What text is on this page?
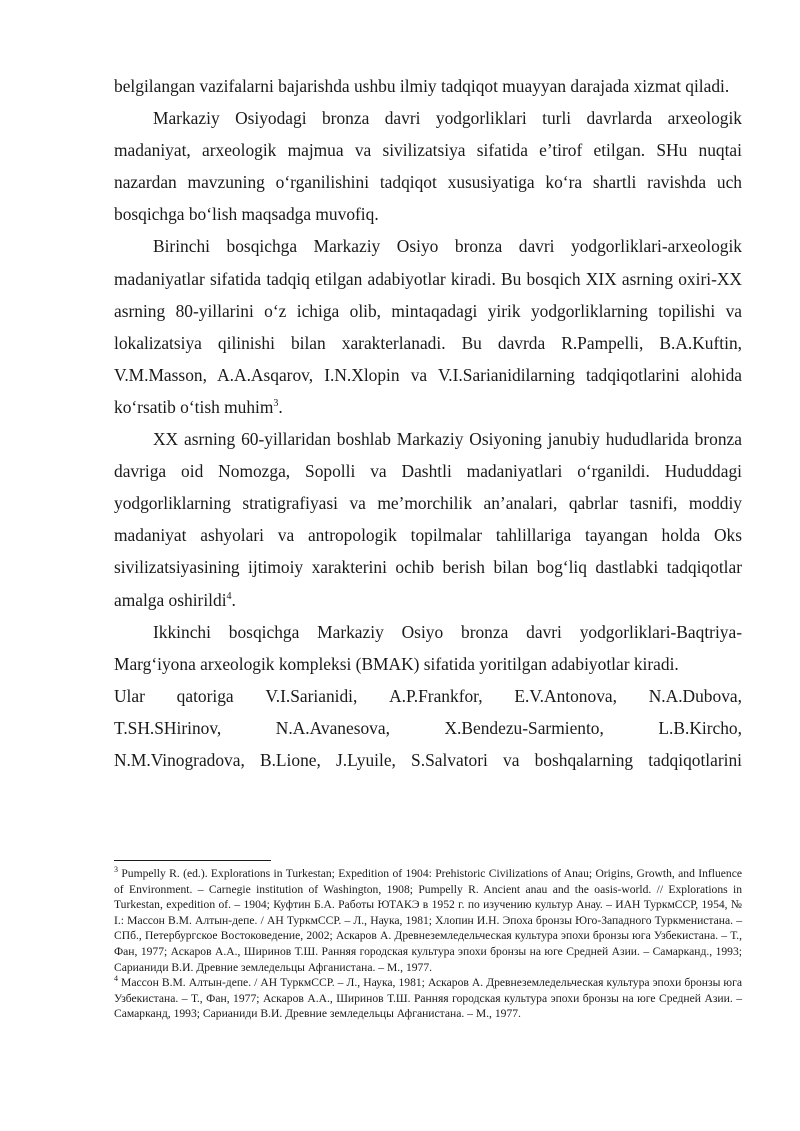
belgilangan vazifalarni bajarishda ushbu ilmiy tadqiqot muayyan darajada xizmat qiladi.

Markaziy Osiyodagi bronza davri yodgorliklari turli davrlarda arxeologik madaniyat, arxeologik majmua va sivilizatsiya sifatida e’tirof etilgan. SHu nuqtai nazardan mavzuning o‘rganilishini tadqiqot xususiyatiga ko‘ra shartli ravishda uch bosqichga bo‘lish maqsadga muvofiq.

Birinchi bosqichga Markaziy Osiyo bronza davri yodgorliklari-arxeologik madaniyatlar sifatida tadqiq etilgan adabiyotlar kiradi. Bu bosqich XIX asrning oxiri-XX asrning 80-yillarini o‘z ichiga olib, mintaqadagi yirik yodgorliklarning topilishi va lokalizatsiya qilinishi bilan xarakterlanadi. Bu davrda R.Pampelli, B.A.Kuftin, V.M.Masson, A.A.Asqarov, I.N.Xlopin va V.I.Sarianidilarning tadqiqotlarini alohida ko‘rsatib o‘tish muhim$^3$.

XX asrning 60-yillaridan boshlab Markaziy Osiyoning janubiy hududlarida bronza davriga oid Nomozga, Sopolli va Dashtli madaniyatlari o‘rganildi. Hududdagi yodgorliklarning stratigrafiyasi va me’morchilik an’analari, qabrlar tasnifi, moddiy madaniyat ashyolari va antropologik topilmalar tahlillariga tayangan holda Oks sivilizatsiyasining ijtimoiy xarakterini ochib berish bilan bog‘liq dastlabki tadqiqotlar amalga oshirildi$^4$.

Ikkinchi bosqichga Markaziy Osiyo bronza davri yodgorliklari-Baqtriya-Marg‘iyona arxeologik kompleksi (BMAK) sifatida yoritilgan adabiyotlar kiradi.

Ular qatoriga V.I.Sarianidi, A.P.Frankfor, E.V.Antonova, N.A.Dubova,
T.SH.SHirinov,	N.A.Avanesova,	X.Bendezu-Sarmiento,	L.B.Kircho,

N.M.Vinogradova, B.Lione, J.Lyuile, S.Salvatori va boshqalarning tadqiqotlarini

$^3$ Pumpelly R. (ed.). Explorations in Turkestan; Expedition of 1904: Prehistoric Civilizations of Anau; Origins, Growth, and Influence of Environment. – Carnegie institution of Washington, 1908; Pumpelly R. Ancient anau and the oasis-world. // Explorations in Turkestan, expedition of. – 1904; Куфтин Б.А. Работы ЮТАКЭ в 1952 г. по изучению культур Анау. – ИАН ТуркмССР, 1954, № I.: Массон В.М. Алтын-депе. / АН ТуркмССР. – Л., Наука, 1981; Хлопин И.Н. Эпоха бронзы Юго-Западного Туркменистана. – СПб., Петербургское Востоковедение, 2002; Аскаров А. Древнеземледельческая культура эпохи бронзы юга Узбекистана. – Т., Фан, 1977; Аскаров А.А., Ширинов Т.Ш. Ранняя городская культура эпохи бронзы на юге Средней Азии. – Самарканд., 1993; Сарианиди В.И. Древние земледельцы Афганистана. – М., 1977.

$^4$ Массон В.М. Алтын-депе. / АН ТуркмССР. – Л., Наука, 1981; Аскаров А. Древнеземледельческая культура эпохи бронзы юга Узбекистана. – Т., Фан, 1977; Аскаров А.А., Ширинов Т.Ш. Ранняя городская культура эпохи бронзы на юге Средней Азии. – Самарканд, 1993; Сарианиди В.И. Древние земледельцы Афганистана. – М., 1977.
